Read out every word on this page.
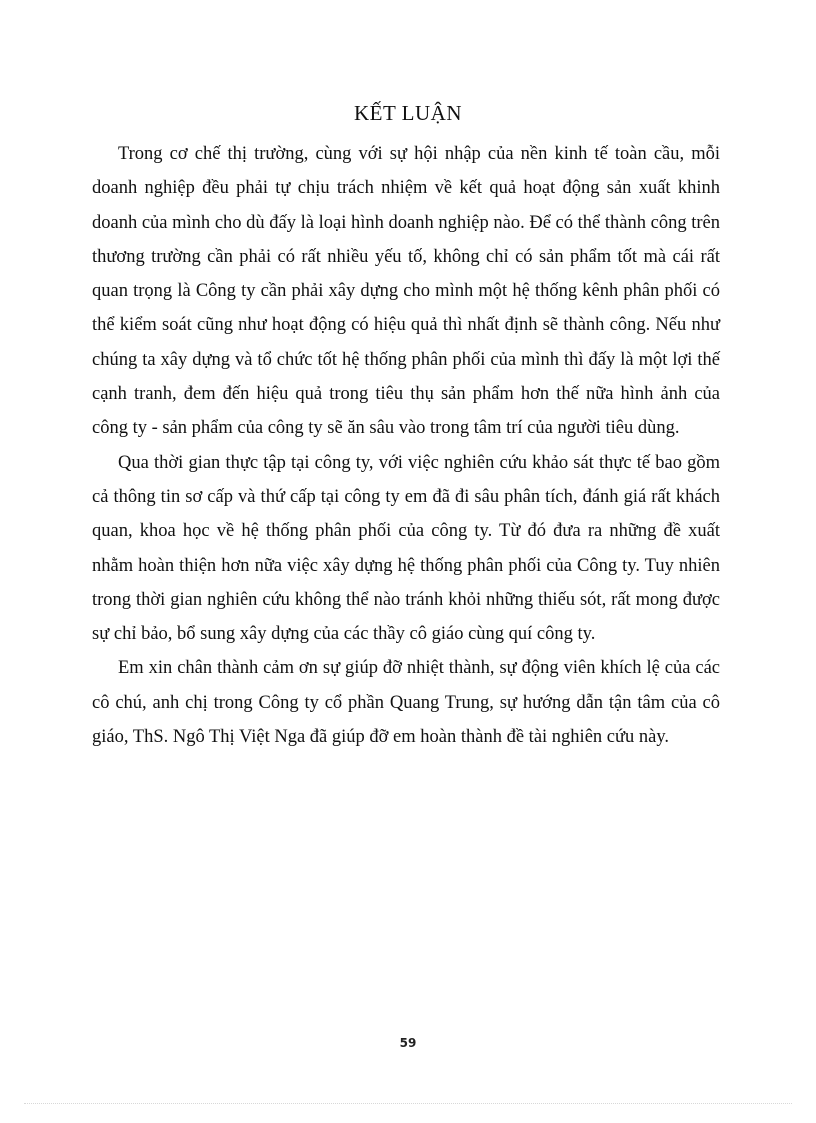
KẾT LUẬN

Trong cơ chế thị trường, cùng với sự hội nhập của nền kinh tế toàn cầu, mỗi doanh nghiệp đều phải tự chịu trách nhiệm về kết quả hoạt động sản xuất khinh doanh của mình cho dù đấy là loại hình doanh nghiệp nào. Để có thể thành công trên thương trường cần phải có rất nhiều yếu tố, không chỉ có sản phẩm tốt mà cái rất quan trọng là Công ty cần phải xây dựng cho mình một hệ thống kênh phân phối có thể kiểm soát cũng như hoạt động có hiệu quả thì nhất định sẽ thành công. Nếu như chúng ta xây dựng và tổ chức tốt hệ thống phân phối của mình thì đấy là một lợi thế cạnh tranh, đem đến hiệu quả trong tiêu thụ sản phẩm hơn thế nữa hình ảnh của công ty - sản phẩm của công ty sẽ ăn sâu vào trong tâm trí của người tiêu dùng.

Qua thời gian thực tập tại công ty, với việc nghiên cứu khảo sát thực tế bao gồm cả thông tin sơ cấp và thứ cấp tại công ty em đã đi sâu phân tích, đánh giá rất khách quan, khoa học về hệ thống phân phối của công ty. Từ đó đưa ra những đề xuất nhằm hoàn thiện hơn nữa việc xây dựng hệ thống phân phối của Công ty. Tuy nhiên trong thời gian nghiên cứu không thể nào tránh khỏi những thiếu sót, rất mong được sự chỉ bảo, bổ sung xây dựng của các thầy cô giáo cùng quí công ty.

Em xin chân thành cảm ơn sự giúp đỡ nhiệt thành, sự động viên khích lệ của các cô chú, anh chị trong Công ty cổ phần Quang Trung, sự hướng dẫn tận tâm của cô giáo, ThS. Ngô Thị Việt Nga đã giúp đỡ em hoàn thành đề tài nghiên cứu này.

59
